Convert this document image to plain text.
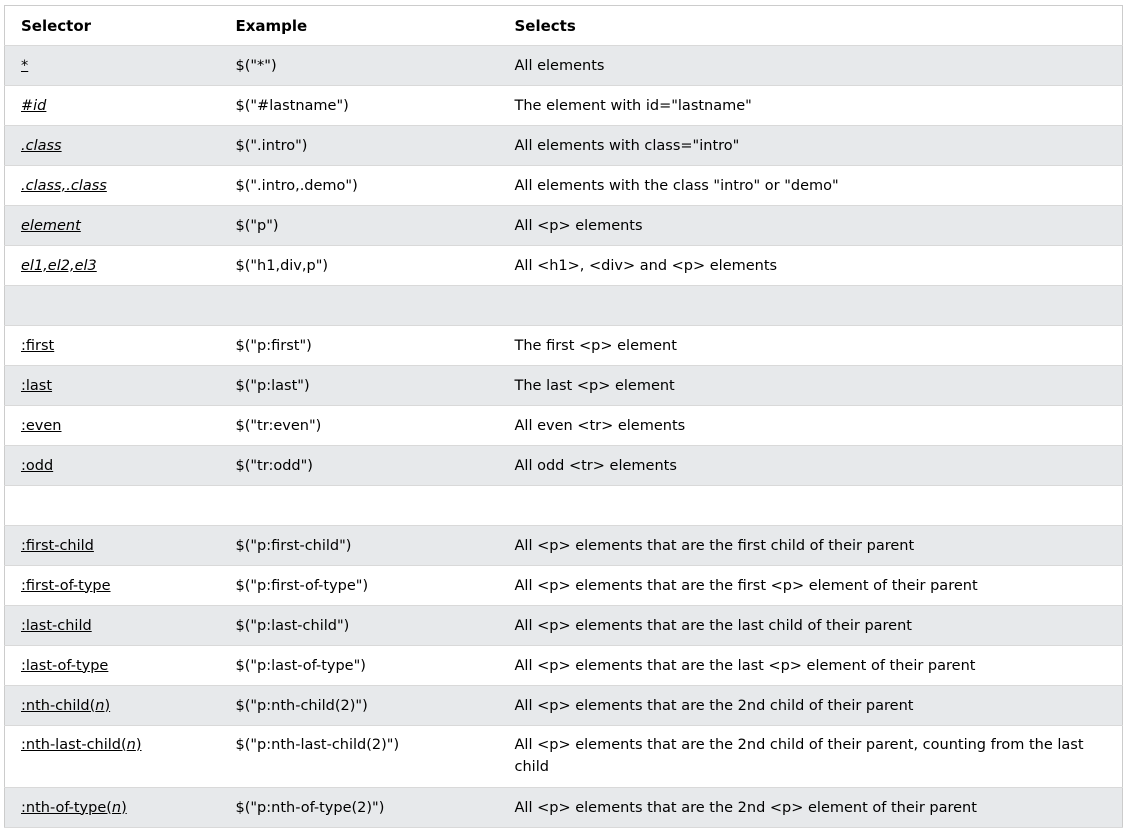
Selector	Example	Selects
*	$("*")	All elements
#id	$("#lastname")	The element with id="lastname"
.class	$(".intro")	All elements with class="intro"
.class,.class	$(".intro,.demo")	All elements with the class "intro" or "demo"
element	$("p")	All <p> elements
el1,el2,el3	$("h1,div,p")	All <h1>, <div> and <p> elements

:first	$("p:first")	The first <p> element
:last	$("p:last")	The last <p> element
:even	$("tr:even")	All even <tr> elements
:odd	$("tr:odd")	All odd <tr> elements

:first-child	$("p:first-child")	All <p> elements that are the first child of their parent
:first-of-type	$("p:first-of-type")	All <p> elements that are the first <p> element of their parent
:last-child	$("p:last-child")	All <p> elements that are the last child of their parent
:last-of-type	$("p:last-of-type")	All <p> elements that are the last <p> element of their parent
:nth-child(n)	$("p:nth-child(2)")	All <p> elements that are the 2nd child of their parent
:nth-last-child(n)	$("p:nth-last-child(2)")	All <p> elements that are the 2nd child of their parent, counting from the last child
:nth-of-type(n)	$("p:nth-of-type(2)")	All <p> elements that are the 2nd <p> element of their parent
